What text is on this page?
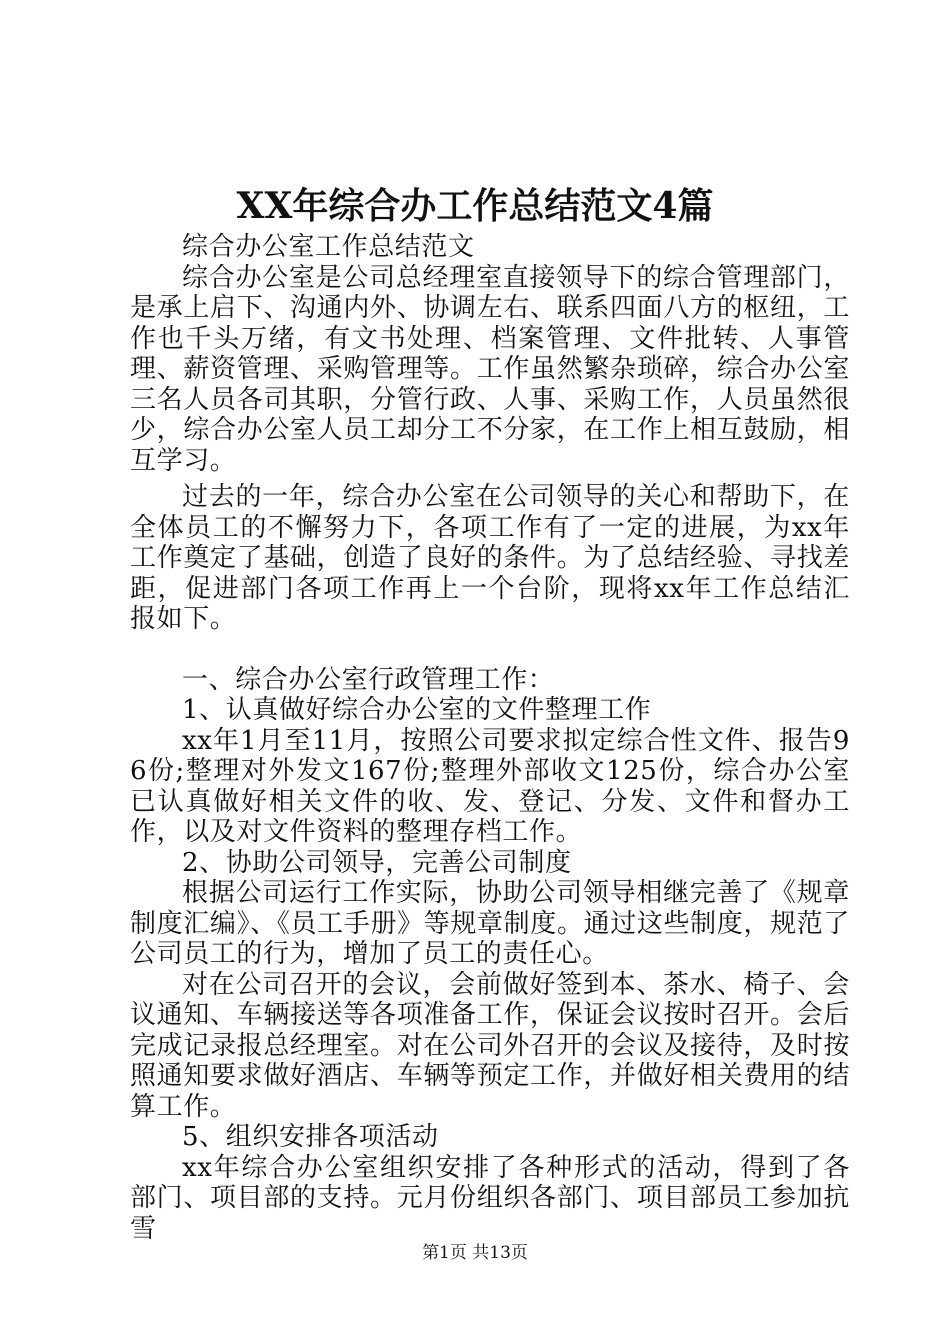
XX年综合办工作总结范文4篇

综合办公室工作总结范文

综合办公室是公司总经理室直接领导下的综合管理部门，是承上启下、沟通内外、协调左右、联系四面八方的枢纽，工作也千头万绪，有文书处理、档案管理、文件批转、人事管理、薪资管理、采购管理等。工作虽然繁杂琐碎，综合办公室三名人员各司其职，分管行政、人事、采购工作，人员虽然很少，综合办公室人员工却分工不分家，在工作上相互鼓励，相互学习。

过去的一年，综合办公室在公司领导的关心和帮助下，在全体员工的不懈努力下，各项工作有了一定的进展，为xx年工作奠定了基础，创造了良好的条件。为了总结经验、寻找差距，促进部门各项工作再上一个台阶，现将xx年工作总结汇报如下。

一、综合办公室行政管理工作：

1、认真做好综合办公室的文件整理工作

xx年1月至11月，按照公司要求拟定综合性文件、报告96份;整理对外发文167份;整理外部收文125份，综合办公室已认真做好相关文件的收、发、登记、分发、文件和督办工作，以及对文件资料的整理存档工作。

2、协助公司领导，完善公司制度

根据公司运行工作实际，协助公司领导相继完善了《规章制度汇编》、《员工手册》等规章制度。通过这些制度，规范了公司员工的行为，增加了员工的责任心。

对在公司召开的会议，会前做好签到本、茶水、椅子、会议通知、车辆接送等各项准备工作，保证会议按时召开。会后完成记录报总经理室。对在公司外召开的会议及接待，及时按照通知要求做好酒店、车辆等预定工作，并做好相关费用的结算工作。

5、组织安排各项活动

xx年综合办公室组织安排了各种形式的活动，得到了各部门、项目部的支持。元月份组织各部门、项目部员工参加抗雪

第1页 共13页
